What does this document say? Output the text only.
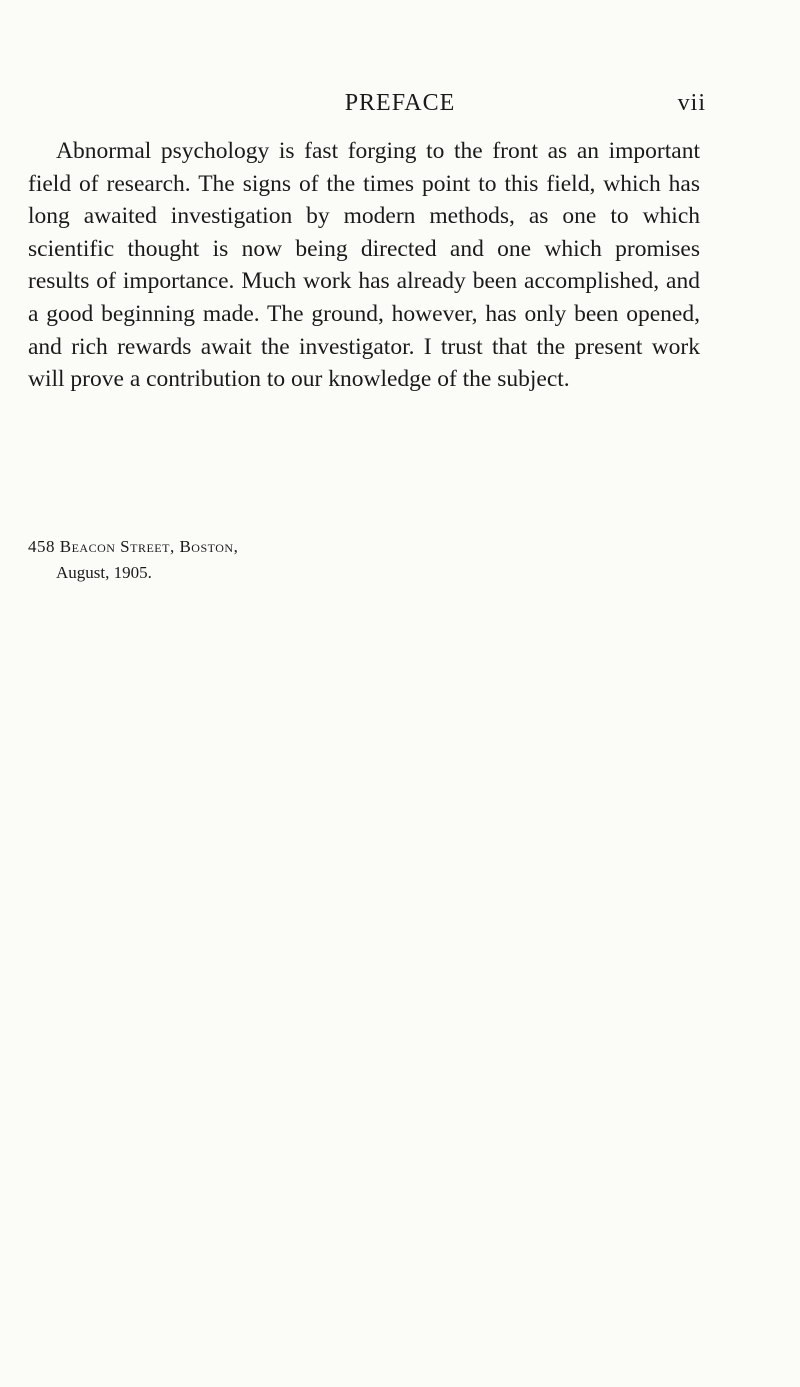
PREFACE	vii

Abnormal psychology is fast forging to the front as an important field of research. The signs of the times point to this field, which has long awaited investigation by modern methods, as one to which scientific thought is now being directed and one which promises results of importance. Much work has already been accomplished, and a good beginning made. The ground, however, has only been opened, and rich rewards await the investigator. I trust that the present work will prove a contribution to our knowledge of the subject.

458 Beacon Street, Boston,
August, 1905.
